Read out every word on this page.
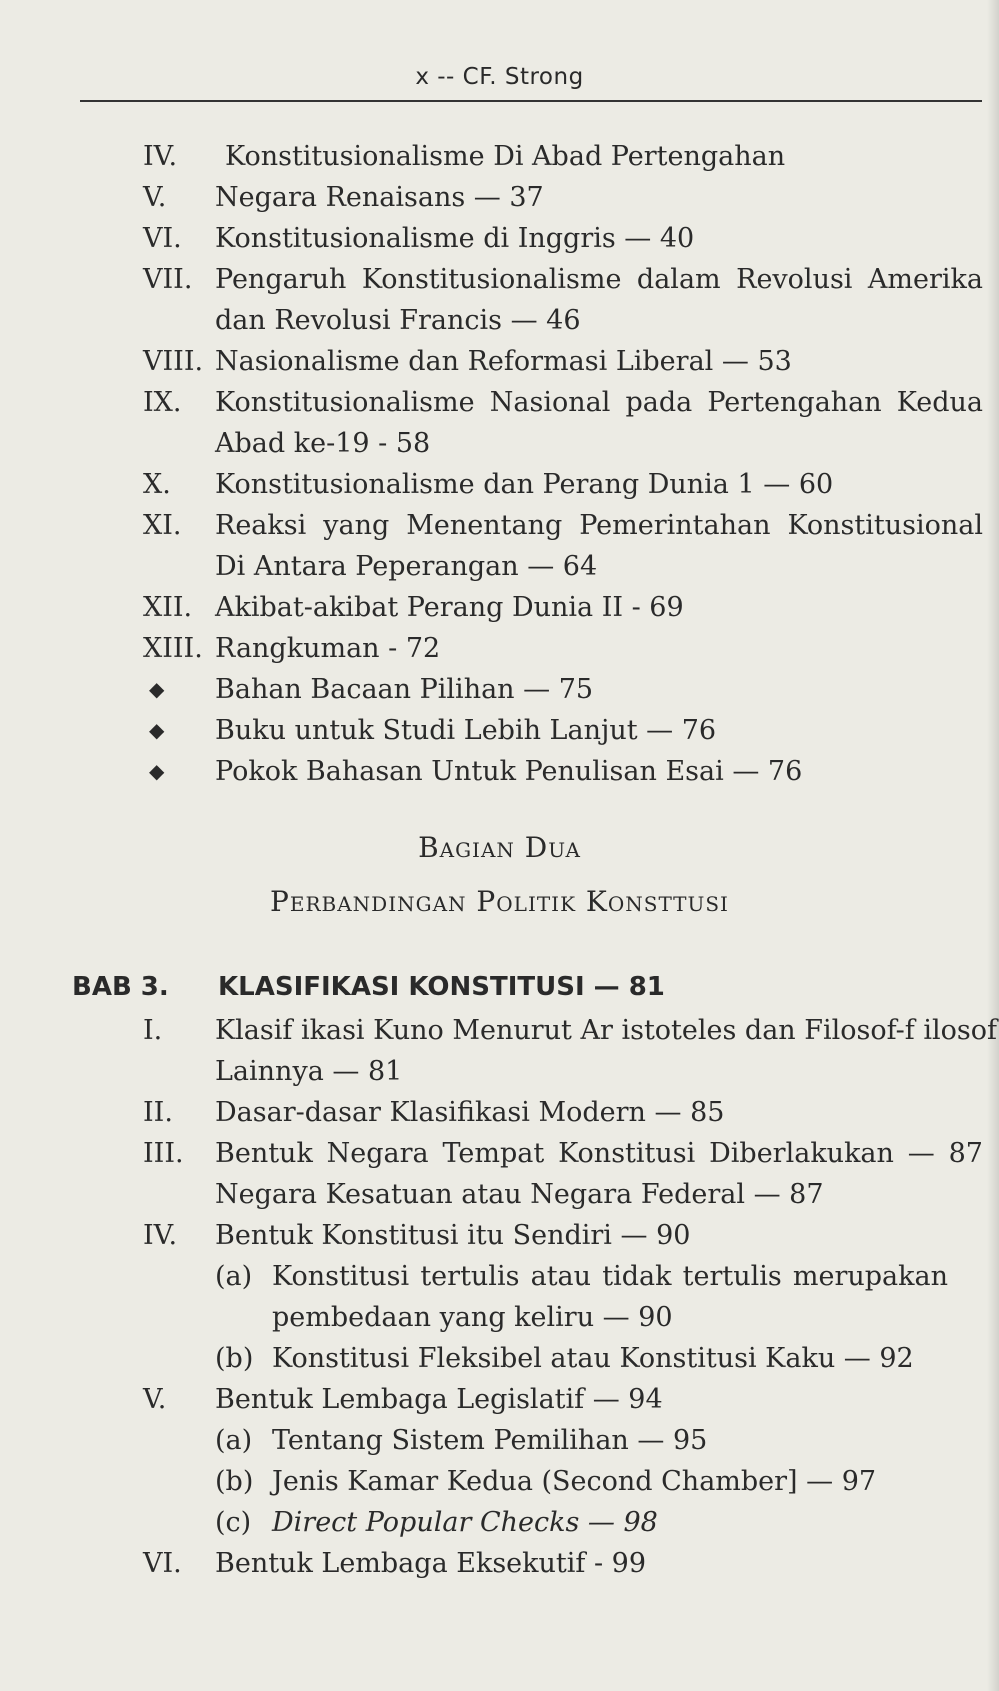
x -- CF. Strong
IV. Konstitusionalisme Di Abad Pertengahan
V. Negara Renaisans — 37
VI. Konstitusionalisme di Inggris — 40
VII. Pengaruh Konstitusionalisme dalam Revolusi Amerika
dan Revolusi Francis — 46
VIII. Nasionalisme dan Reformasi Liberal — 53
IX. Konstitusionalisme Nasional pada Pertengahan Kedua
Abad ke-19 - 58
X. Konstitusionalisme dan Perang Dunia 1 — 60
XI. Reaksi yang Menentang Pemerintahan Konstitusional
Di Antara Peperangan — 64
XII. Akibat-akibat Perang Dunia II - 69
XIII. Rangkuman - 72
◆ Bahan Bacaan Pilihan — 75
◆ Buku untuk Studi Lebih Lanjut — 76
◆ Pokok Bahasan Untuk Penulisan Esai — 76
Bagian Dua
Perbandingan Politik Konsttusi
BAB 3. KLASIFIKASI KONSTITUSI — 81
I. Klasif ikasi Kuno Menurut Ar istoteles dan Filosof-f ilosof
Lainnya — 81
II. Dasar-dasar Klasifikasi Modern — 85
III. Bentuk Negara Tempat Konstitusi Diberlakukan — 87
Negara Kesatuan atau Negara Federal — 87
IV. Bentuk Konstitusi itu Sendiri — 90
(a) Konstitusi tertulis atau tidak tertulis merupakan
pembedaan yang keliru — 90
(b) Konstitusi Fleksibel atau Konstitusi Kaku — 92
V. Bentuk Lembaga Legislatif — 94
(a) Tentang Sistem Pemilihan — 95
(b) Jenis Kamar Kedua (Second Chamber] — 97
(c) Direct Popular Checks — 98
VI. Bentuk Lembaga Eksekutif - 99
